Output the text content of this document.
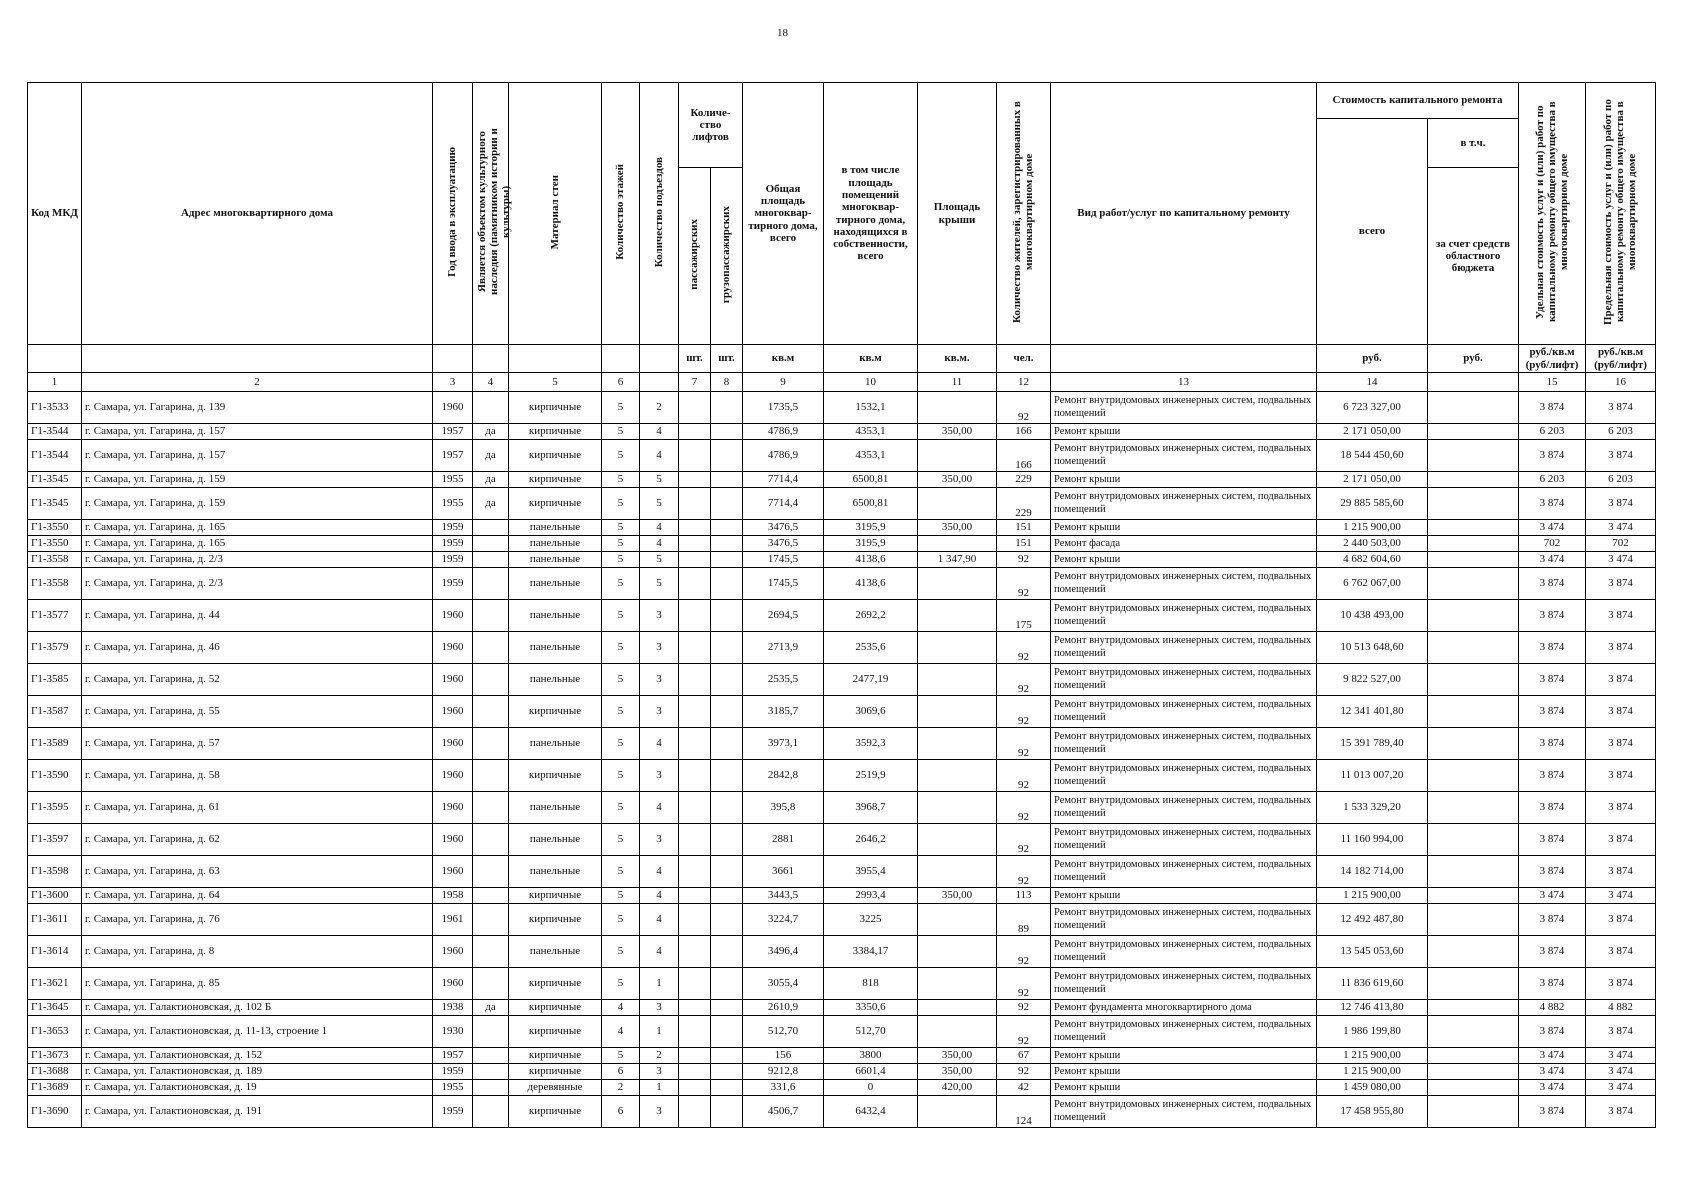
18
Код МКД	Адрес многоквартирного дома	Год ввода в эксплуатацию	Является объектом культурного наследия (памятником истории и культуры)	Материал стен	Количество этажей	Количество подъездов	Количе-ство лифтов		Общая площадь многоквар-тирного дома, всего	в том числе площадь помещений многоквар-тирного дома, находящихся в собственности, всего	Площадь крыши	Количество жителей, зарегистрированных в многоквартирном доме	Вид работ/услуг по капитальному ремонту	Стоимость капитального ремонта		Удельная стоимость услуг и (или) работ по капитальному ремонту общего имущества в многоквартирном доме	Предельная стоимость услуг и (или) работ по капитальному ремонту общего имущества в многоквартирном доме
														всего	в т.ч.		
							пассажирских	грузопассажирских							за счет средств областного бюджета		
							шт.	шт.	кв.м	кв.м	кв.м.	чел.		руб.	руб.	руб./кв.м (руб/лифт)	руб./кв.м (руб/лифт)
1	2	3	4	5	6		7	8	9	10	11	12	13	14		15	16
Г1-3533	г. Самара, ул. Гагарина, д. 139	1960		кирпичные	5	2			1735,5	1532,1		92	Ремонт внутридомовых инженерных систем, подвальных помещений	6 723 327,00		3 874	3 874
Г1-3544	г. Самара, ул. Гагарина, д. 157	1957	да	кирпичные	5	4			4786,9	4353,1	350,00	166	Ремонт крыши	2 171 050,00		6 203	6 203
Г1-3544	г. Самара, ул. Гагарина, д. 157	1957	да	кирпичные	5	4			4786,9	4353,1		166	Ремонт внутридомовых инженерных систем, подвальных помещений	18 544 450,60		3 874	3 874
Г1-3545	г. Самара, ул. Гагарина, д. 159	1955	да	кирпичные	5	5			7714,4	6500,81	350,00	229	Ремонт крыши	2 171 050,00		6 203	6 203
Г1-3545	г. Самара, ул. Гагарина, д. 159	1955	да	кирпичные	5	5			7714,4	6500,81		229	Ремонт внутридомовых инженерных систем, подвальных помещений	29 885 585,60		3 874	3 874
Г1-3550	г. Самара, ул. Гагарина, д. 165	1959		панельные	5	4			3476,5	3195,9	350,00	151	Ремонт крыши	1 215 900,00		3 474	3 474
Г1-3550	г. Самара, ул. Гагарина, д. 165	1959		панельные	5	4			3476,5	3195,9		151	Ремонт фасада	2 440 503,00		702	702
Г1-3558	г. Самара, ул. Гагарина, д. 2/3	1959		панельные	5	5			1745,5	4138,6	1 347,90	92	Ремонт крыши	4 682 604,60		3 474	3 474
Г1-3558	г. Самара, ул. Гагарина, д. 2/3	1959		панельные	5	5			1745,5	4138,6		92	Ремонт внутридомовых инженерных систем, подвальных помещений	6 762 067,00		3 874	3 874
Г1-3577	г. Самара, ул. Гагарина, д. 44	1960		панельные	5	3			2694,5	2692,2		175	Ремонт внутридомовых инженерных систем, подвальных помещений	10 438 493,00		3 874	3 874
Г1-3579	г. Самара, ул. Гагарина, д. 46	1960		панельные	5	3			2713,9	2535,6		92	Ремонт внутридомовых инженерных систем, подвальных помещений	10 513 648,60		3 874	3 874
Г1-3585	г. Самара, ул. Гагарина, д. 52	1960		панельные	5	3			2535,5	2477,19		92	Ремонт внутридомовых инженерных систем, подвальных помещений	9 822 527,00		3 874	3 874
Г1-3587	г. Самара, ул. Гагарина, д. 55	1960		кирпичные	5	3			3185,7	3069,6		92	Ремонт внутридомовых инженерных систем, подвальных помещений	12 341 401,80		3 874	3 874
Г1-3589	г. Самара, ул. Гагарина, д. 57	1960		панельные	5	4			3973,1	3592,3		92	Ремонт внутридомовых инженерных систем, подвальных помещений	15 391 789,40		3 874	3 874
Г1-3590	г. Самара, ул. Гагарина, д. 58	1960		кирпичные	5	3			2842,8	2519,9		92	Ремонт внутридомовых инженерных систем, подвальных помещений	11 013 007,20		3 874	3 874
Г1-3595	г. Самара, ул. Гагарина, д. 61	1960		панельные	5	4			395,8	3968,7		92	Ремонт внутридомовых инженерных систем, подвальных помещений	1 533 329,20		3 874	3 874
Г1-3597	г. Самара, ул. Гагарина, д. 62	1960		панельные	5	3			2881	2646,2		92	Ремонт внутридомовых инженерных систем, подвальных помещений	11 160 994,00		3 874	3 874
Г1-3598	г. Самара, ул. Гагарина, д. 63	1960		панельные	5	4			3661	3955,4		92	Ремонт внутридомовых инженерных систем, подвальных помещений	14 182 714,00		3 874	3 874
Г1-3600	г. Самара, ул. Гагарина, д. 64	1958		кирпичные	5	4			3443,5	2993,4	350,00	113	Ремонт крыши	1 215 900,00		3 474	3 474
Г1-3611	г. Самара, ул. Гагарина, д. 76	1961		кирпичные	5	4			3224,7	3225		89	Ремонт внутридомовых инженерных систем, подвальных помещений	12 492 487,80		3 874	3 874
Г1-3614	г. Самара, ул. Гагарина, д. 8	1960		панельные	5	4			3496,4	3384,17		92	Ремонт внутридомовых инженерных систем, подвальных помещений	13 545 053,60		3 874	3 874
Г1-3621	г. Самара, ул. Гагарина, д. 85	1960		кирпичные	5	1			3055,4	818		92	Ремонт внутридомовых инженерных систем, подвальных помещений	11 836 619,60		3 874	3 874
Г1-3645	г. Самара, ул. Галактионовская, д. 102 Б	1938	да	кирпичные	4	3			2610,9	3350,6		92	Ремонт фундамента многоквартирного дома	12 746 413,80		4 882	4 882
Г1-3653	г. Самара, ул. Галактионовская, д. 11-13, строение 1	1930		кирпичные	4	1			512,70	512,70		92	Ремонт внутридомовых инженерных систем, подвальных помещений	1 986 199,80		3 874	3 874
Г1-3673	г. Самара, ул. Галактионовская, д. 152	1957		кирпичные	5	2			156	3800	350,00	67	Ремонт крыши	1 215 900,00		3 474	3 474
Г1-3688	г. Самара, ул. Галактионовская, д. 189	1959		кирпичные	6	3			9212,8	6601,4	350,00	92	Ремонт крыши	1 215 900,00		3 474	3 474
Г1-3689	г. Самара, ул. Галактионовская, д. 19	1955		деревянные	2	1			331,6	0	420,00	42	Ремонт крыши	1 459 080,00		3 474	3 474
Г1-3690	г. Самара, ул. Галактионовская, д. 191	1959		кирпичные	6	3			4506,7	6432,4		124	Ремонт внутридомовых инженерных систем, подвальных помещений	17 458 955,80		3 874	3 874
